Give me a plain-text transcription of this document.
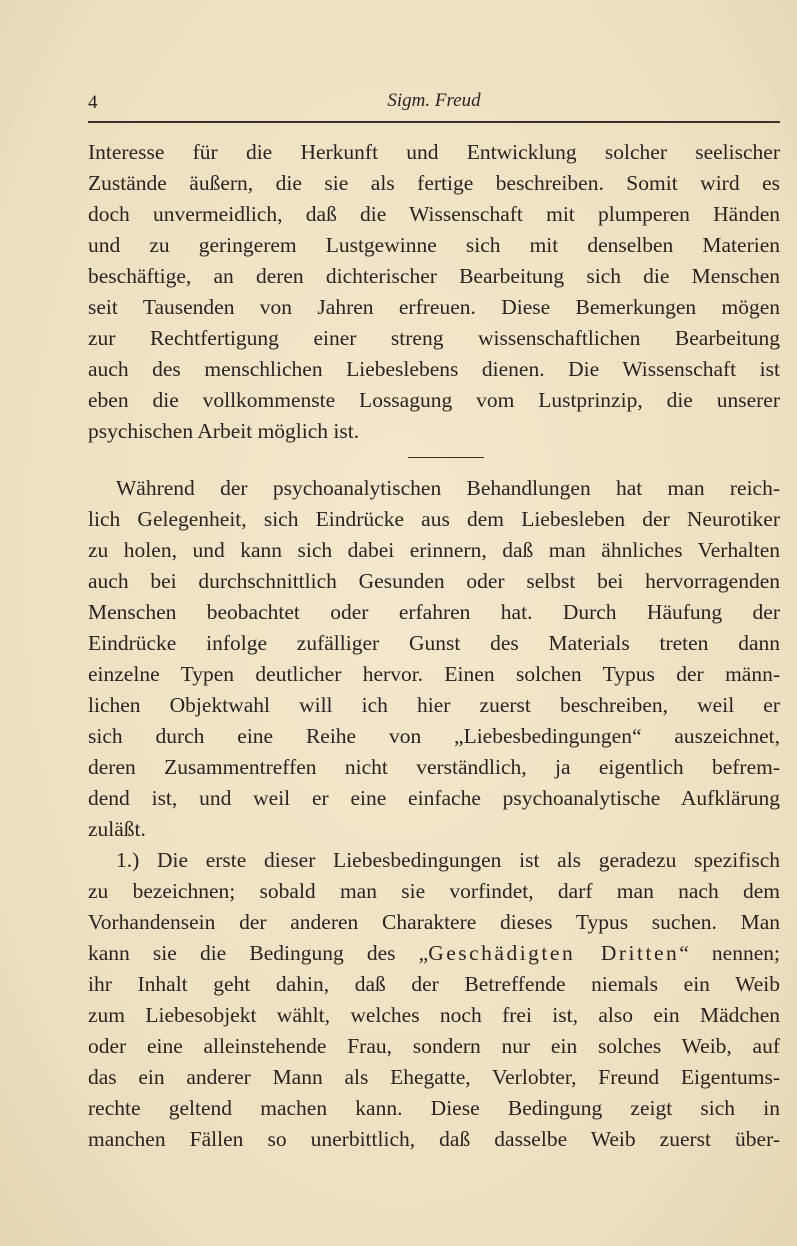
4	Sigm. Freud
Interesse für die Herkunft und Entwicklung solcher seelischer
Zustände äußern, die sie als fertige beschreiben. Somit wird es
doch unvermeidlich, daß die Wissenschaft mit plumperen Händen
und zu geringerem Lustgewinne sich mit denselben Materien
beschäftige, an deren dichterischer Bearbeitung sich die Menschen
seit Tausenden von Jahren erfreuen. Diese Bemerkungen mögen
zur Rechtfertigung einer streng wissenschaftlichen Bearbeitung
auch des menschlichen Liebeslebens dienen. Die Wissenschaft ist
eben die vollkommenste Lossagung vom Lustprinzip, die unserer
psychischen Arbeit möglich ist.
Während der psychoanalytischen Behandlungen hat man reich-
lich Gelegenheit, sich Eindrücke aus dem Liebesleben der Neurotiker
zu holen, und kann sich dabei erinnern, daß man ähnliches Verhalten
auch bei durchschnittlich Gesunden oder selbst bei hervorragenden
Menschen beobachtet oder erfahren hat. Durch Häufung der
Eindrücke infolge zufälliger Gunst des Materials treten dann
einzelne Typen deutlicher hervor. Einen solchen Typus der männ-
lichen Objektwahl will ich hier zuerst beschreiben, weil er
sich durch eine Reihe von „Liebesbedingungen“ auszeichnet,
deren Zusammentreffen nicht verständlich, ja eigentlich befrem-
dend ist, und weil er eine einfache psychoanalytische Aufklärung
zuläßt.
1.) Die erste dieser Liebesbedingungen ist als geradezu spezifisch
zu bezeichnen; sobald man sie vorfindet, darf man nach dem
Vorhandensein der anderen Charaktere dieses Typus suchen. Man
kann sie die Bedingung des „Geschädigten Dritten“ nennen;
ihr Inhalt geht dahin, daß der Betreffende niemals ein Weib
zum Liebesobjekt wählt, welches noch frei ist, also ein Mädchen
oder eine alleinstehende Frau, sondern nur ein solches Weib, auf
das ein anderer Mann als Ehegatte, Verlobter, Freund Eigentums-
rechte geltend machen kann. Diese Bedingung zeigt sich in
manchen Fällen so unerbittlich, daß dasselbe Weib zuerst über-
